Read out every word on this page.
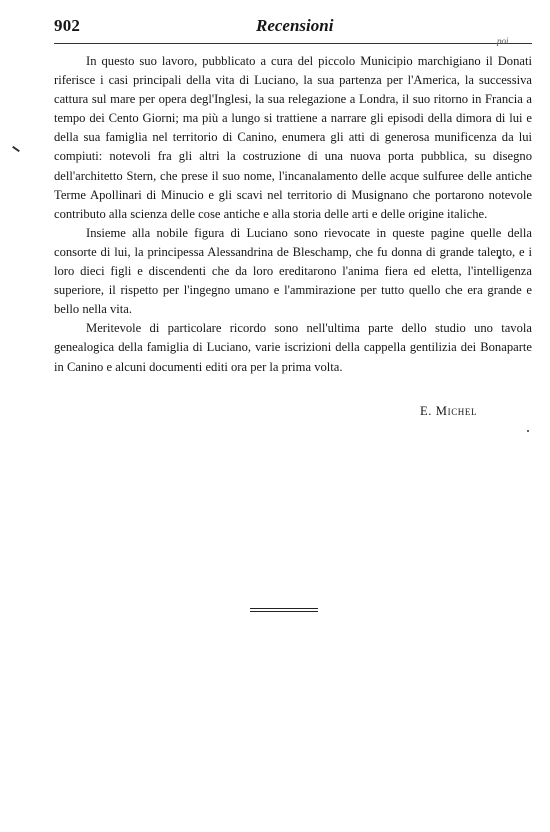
902	Recensioni
poi

In questo suo lavoro, pubblicato a cura del piccolo Municipio marchigiano il Donati riferisce i casi principali della vita di Luciano, la sua partenza per l'America, la successiva cattura sul mare per opera degl'Inglesi, la sua relegazione a Londra, il suo ritorno in Francia a tempo dei Cento Giorni; ma più a lungo si trattiene a narrare gli episodi della dimora di lui e della sua famiglia nel territorio di Canino, enumera gli atti di generosa munificenza da lui compiuti: notevoli fra gli altri la costruzione di una nuova porta pubblica, su disegno dell'architetto Stern, che prese il suo nome, l'incanalamento delle acque sulfuree delle antiche Terme Apollinari di Minucio e gli scavi nel territorio di Musignano che portarono notevole contributo alla scienza delle cose antiche e alla storia delle arti e delle origine italiche.

Insieme alla nobile figura di Luciano sono rievocate in queste pagine quelle della consorte di lui, la principessa Alessandrina de Bleschamp, che fu donna di grande talento, e i loro dieci figli e discendenti che da loro ereditarono l'anima fiera ed eletta, l'intelligenza superiore, il rispetto per l'ingegno umano e l'ammirazione per tutto quello che era grande e bello nella vita.

Meritevole di particolare ricordo sono nell'ultima parte dello studio uno tavola genealogica della famiglia di Luciano, varie iscrizioni della cappella gentilizia dei Bonaparte in Canino e alcuni documenti editi ora per la prima volta.

E. Michel
